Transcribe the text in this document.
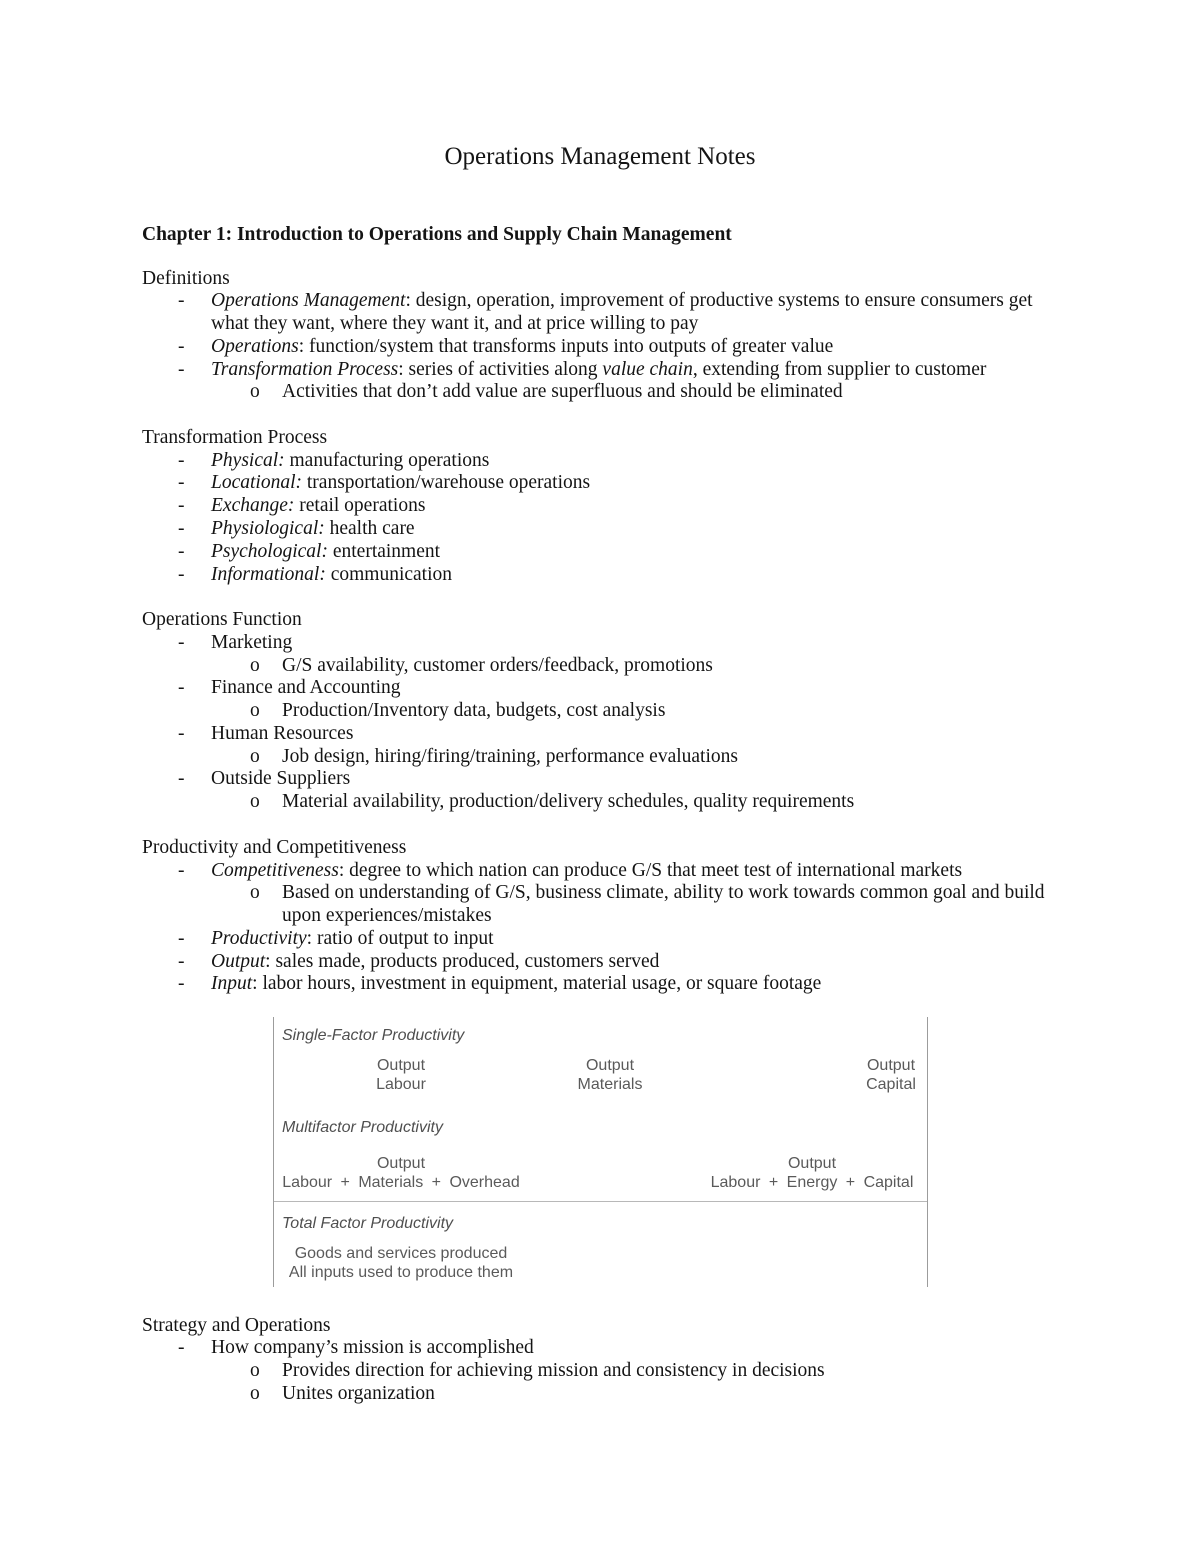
Operations Management Notes
Chapter 1: Introduction to Operations and Supply Chain Management
Definitions
- Operations Management: design, operation, improvement of productive systems to ensure consumers get
what they want, where they want it, and at price willing to pay
- Operations: function/system that transforms inputs into outputs of greater value
- Transformation Process: series of activities along value chain, extending from supplier to customer
o Activities that don’t add value are superfluous and should be eliminated
Transformation Process
- Physical: manufacturing operations
- Locational: transportation/warehouse operations
- Exchange: retail operations
- Physiological: health care
- Psychological: entertainment
- Informational: communication
Operations Function
- Marketing
o G/S availability, customer orders/feedback, promotions
- Finance and Accounting
o Production/Inventory data, budgets, cost analysis
- Human Resources
o Job design, hiring/firing/training, performance evaluations
- Outside Suppliers
o Material availability, production/delivery schedules, quality requirements
Productivity and Competitiveness
- Competitiveness: degree to which nation can produce G/S that meet test of international markets
o Based on understanding of G/S, business climate, ability to work towards common goal and build
upon experiences/mistakes
- Productivity: ratio of output to input
- Output: sales made, products produced, customers served
- Input: labor hours, investment in equipment, material usage, or square footage
Single-Factor Productivity
Output
Labour
Output
Materials
Output
Capital
Multifactor Productivity
Output
Labour + Materials + Overhead
Output
Labour + Energy + Capital
Total Factor Productivity
Goods and services produced
All inputs used to produce them
Strategy and Operations
- How company’s mission is accomplished
o Provides direction for achieving mission and consistency in decisions
o Unites organization
